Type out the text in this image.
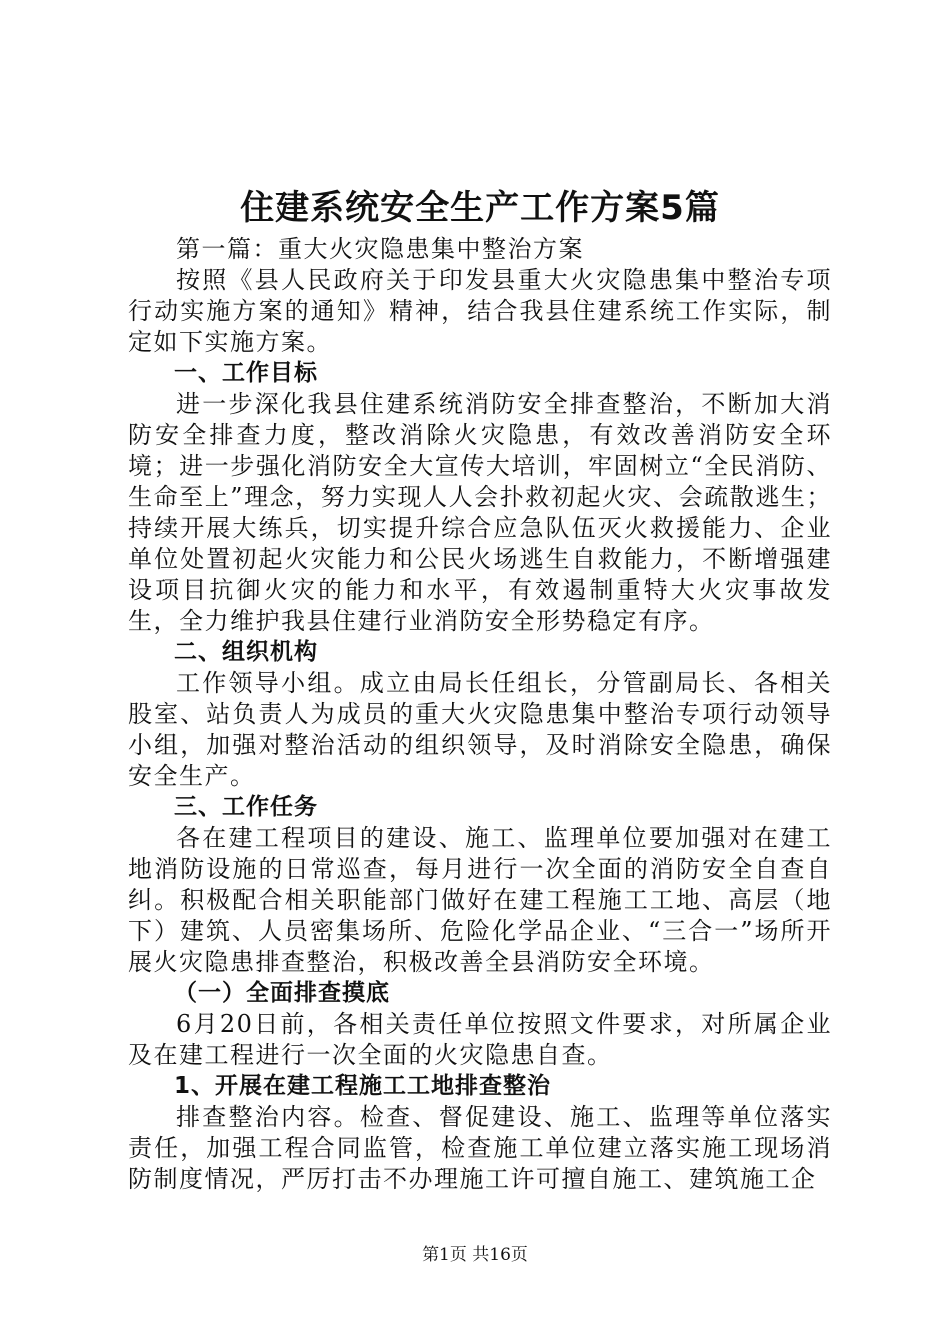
住建系统安全生产工作方案5篇

第一篇：重大火灾隐患集中整治方案

按照《县人民政府关于印发县重大火灾隐患集中整治专项行动实施方案的通知》精神，结合我县住建系统工作实际，制定如下实施方案。

一、工作目标

进一步深化我县住建系统消防安全排查整治，不断加大消防安全排查力度，整改消除火灾隐患，有效改善消防安全环境；进一步强化消防安全大宣传大培训，牢固树立“全民消防、生命至上”理念，努力实现人人会扑救初起火灾、会疏散逃生；持续开展大练兵，切实提升综合应急队伍灭火救援能力、企业单位处置初起火灾能力和公民火场逃生自救能力，不断增强建设项目抗御火灾的能力和水平，有效遏制重特大火灾事故发生，全力维护我县住建行业消防安全形势稳定有序。

二、组织机构

工作领导小组。成立由局长任组长，分管副局长、各相关股室、站负责人为成员的重大火灾隐患集中整治专项行动领导小组，加强对整治活动的组织领导，及时消除安全隐患，确保安全生产。

三、工作任务

各在建工程项目的建设、施工、监理单位要加强对在建工地消防设施的日常巡查，每月进行一次全面的消防安全自查自纠。积极配合相关职能部门做好在建工程施工工地、高层（地下）建筑、人员密集场所、危险化学品企业、“三合一”场所开展火灾隐患排查整治，积极改善全县消防安全环境。

（一）全面排查摸底

6月20日前，各相关责任单位按照文件要求，对所属企业及在建工程进行一次全面的火灾隐患自查。

1、开展在建工程施工工地排查整治

排查整治内容。检查、督促建设、施工、监理等单位落实责任，加强工程合同监管，检查施工单位建立落实施工现场消防制度情况，严厉打击不办理施工许可擅自施工、建筑施工企

第1页 共16页
